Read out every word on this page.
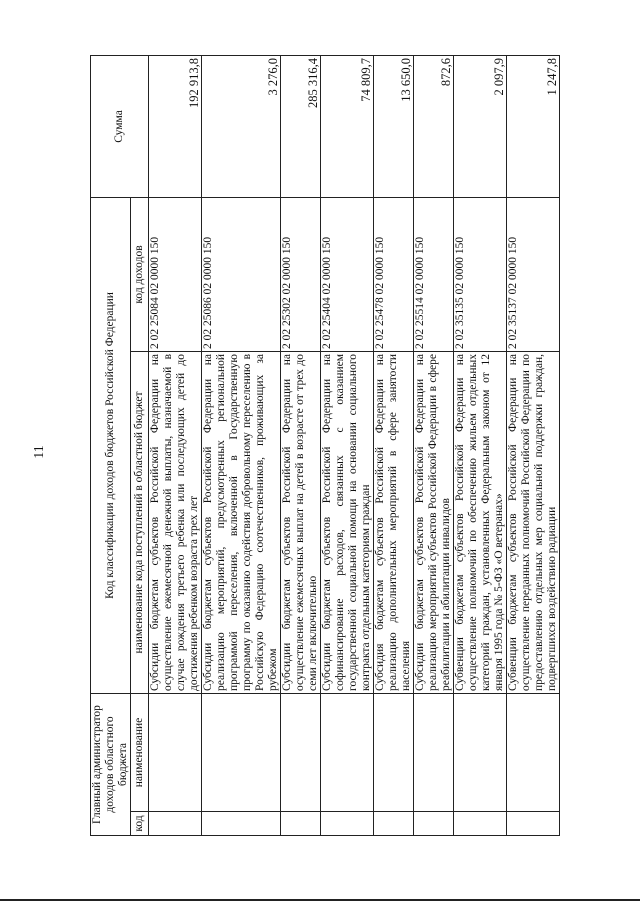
11
Главный администратор доходов областного бюджета		Код классификации доходов бюджетов Российской Федерации		Сумма
код	наименование	наименование кода поступлений в областной бюджет	код доходов	
		Субсидии бюджетам субъектов Российской Федерации на осуществление ежемесячной денежной выплаты, назначаемой в случае рождения третьего ребенка или последующих детей до достижения ребенком возраста трех лет	2 02 25084 02 0000 150	192 913,8
		Субсидии бюджетам субъектов Российской Федерации на реализацию мероприятий, предусмотренных региональной программой переселения, включенной в Государственную программу по оказанию содействия добровольному переселению в Российскую Федерацию соотечественников, проживающих за рубежом	2 02 25086 02 0000 150	3 276,0
		Субсидии бюджетам субъектов Российской Федерации на осуществление ежемесячных выплат на детей в возрасте от трех до семи лет включительно	2 02 25302 02 0000 150	285 316,4
		Субсидии бюджетам субъектов Российской Федерации на софинансирование расходов, связанных с оказанием государственной социальной помощи на основании социального контракта отдельным категориям граждан	2 02 25404 02 0000 150	74 809,7
		Субсидия бюджетам субъектов Российской Федерации на реализацию дополнительных мероприятий в сфере занятости населения	2 02 25478 02 0000 150	13 650,0
		Субсидии бюджетам субъектов Российской Федерации на реализацию мероприятий субъектов Российской Федерации в сфере реабилитации и абилитации инвалидов	2 02 25514 02 0000 150	872,6
		Субвенции бюджетам субъектов Российской Федерации на осуществление полномочий по обеспечению жильем отдельных категорий граждан, установленных Федеральным законом от 12 января 1995 года № 5-ФЗ «О ветеранах»	2 02 35135 02 0000 150	2 097,9
		Субвенции бюджетам субъектов Российской Федерации на осуществление переданных полномочий Российской Федерации по предоставлению отдельных мер социальной поддержки граждан, подвергшихся воздействию радиации	2 02 35137 02 0000 150	1 247,8
